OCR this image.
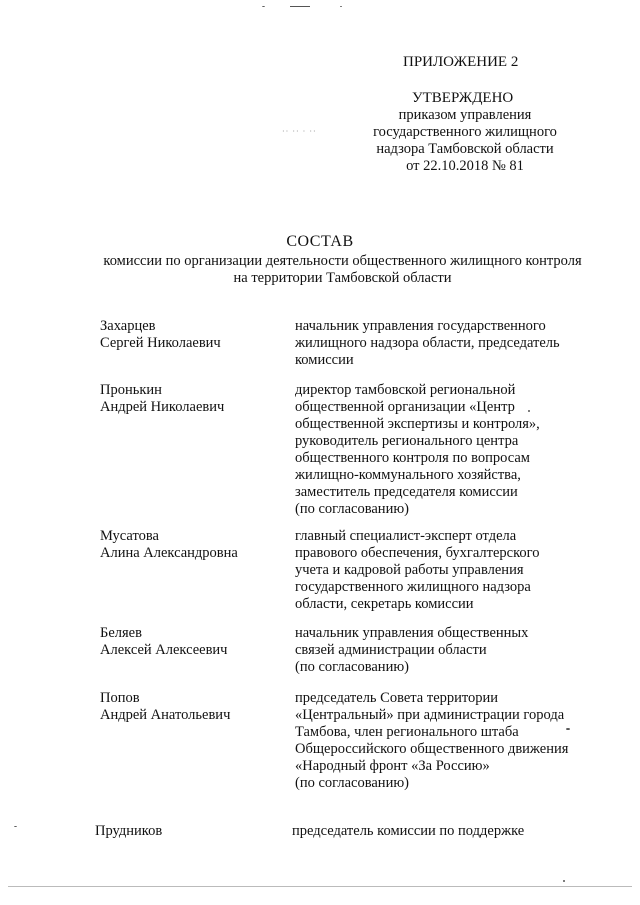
ПРИЛОЖЕНИЕ 2
УТВЕРЖДЕНО
приказом управления
государственного жилищного
надзора Тамбовской области
от 22.10.2018 № 81
СОСТАВ
комиссии по организации деятельности общественного жилищного контроля
на территории Тамбовской области
Захарцев
Сергей Николаевич
начальник управления государственного
жилищного надзора области, председатель
комиссии
Пронькин
Андрей Николаевич
директор тамбовской региональной
общественной организации «Центр
общественной экспертизы и контроля»,
руководитель регионального центра
общественного контроля по вопросам
жилищно-коммунального хозяйства,
заместитель председателя комиссии
(по согласованию)
Мусатова
Алина Александровна
главный специалист-эксперт отдела
правового обеспечения, бухгалтерского
учета и кадровой работы управления
государственного жилищного надзора
области, секретарь комиссии
Беляев
Алексей Алексеевич
начальник управления общественных
связей администрации области
(по согласованию)
Попов
Андрей Анатольевич
председатель Совета территории
«Центральный» при администрации города
Тамбова, член регионального штаба
Общероссийского общественного движения
«Народный фронт «За Россию»
(по согласованию)
Прудников	председатель комиссии по поддержке
·· ·· · ··
